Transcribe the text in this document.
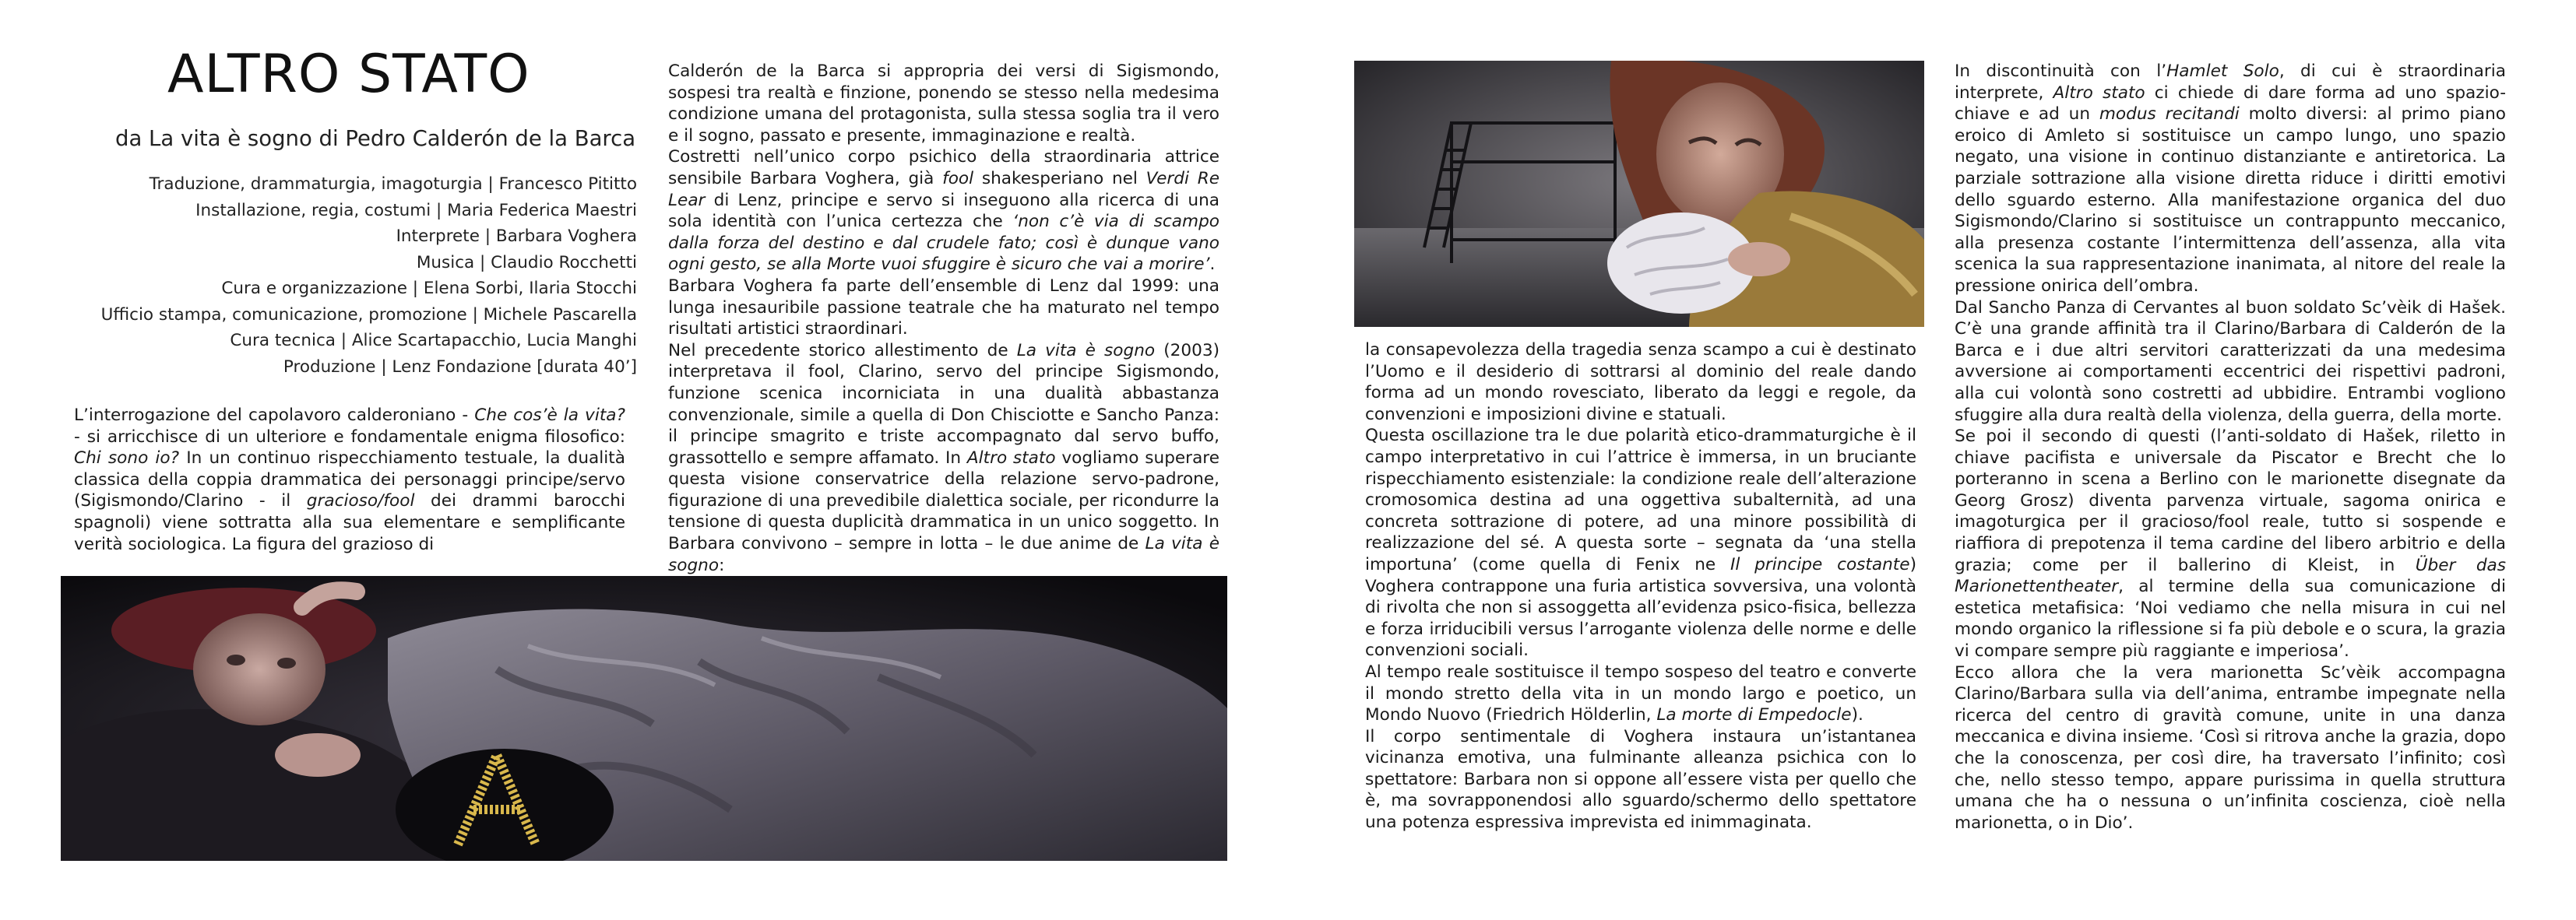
ALTRO STATO
da La vita è sogno di Pedro Calderón de la Barca
Traduzione, drammaturgia, imagoturgia | Francesco Pititto
Installazione, regia, costumi | Maria Federica Maestri
Interprete | Barbara Voghera
Musica | Claudio Rocchetti
Cura e organizzazione | Elena Sorbi, Ilaria Stocchi
Ufficio stampa, comunicazione, promozione | Michele Pascarella
Cura tecnica | Alice Scartapacchio, Lucia Manghi
Produzione | Lenz Fondazione [durata 40’]

L’interrogazione del capolavoro calderoniano - Che cos’è la vita? - si arricchisce di un ulteriore e fondamentale enigma filosofico: Chi sono io? In un continuo rispecchiamento testuale, la dualità classica della coppia drammatica dei personaggi principe/servo (Sigismondo/Clarino - il gracioso/fool dei drammi barocchi spagnoli) viene sottratta alla sua elementare e semplificante verità sociologica. La figura del grazioso di

Calderón de la Barca si appropria dei versi di Sigismondo, sospesi tra realtà e finzione, ponendo se stesso nella medesima condizione umana del protagonista, sulla stessa soglia tra il vero e il sogno, passato e presente, immaginazione e realtà.

Costretti nell’unico corpo psichico della straordinaria attrice sensibile Barbara Voghera, già fool shakesperiano nel Verdi Re Lear di Lenz, principe e servo si inseguono alla ricerca di una sola identità con l’unica certezza che ‘non c’è via di scampo dalla forza del destino e dal crudele fato; così è dunque vano ogni gesto, se alla Morte vuoi sfuggire è sicuro che vai a morire’.

Barbara Voghera fa parte dell’ensemble di Lenz dal 1999: una lunga inesauribile passione teatrale che ha maturato nel tempo risultati artistici straordinari.

Nel precedente storico allestimento de La vita è sogno (2003) interpretava il fool, Clarino, servo del principe Sigismondo, funzione scenica incorniciata in una dualità abbastanza convenzionale, simile a quella di Don Chisciotte e Sancho Panza: il principe smagrito e triste accompagnato dal servo buffo, grassottello e sempre affamato. In Altro stato vogliamo superare questa visione conservatrice della relazione servo-padrone, figurazione di una prevedibile dialettica sociale, per ricondurre la tensione di questa duplicità drammatica in un unico soggetto. In Barbara convivono – sempre in lotta – le due anime de La vita è sogno:

la consapevolezza della tragedia senza scampo a cui è destinato l’Uomo e il desiderio di sottrarsi al dominio del reale dando forma ad un mondo rovesciato, liberato da leggi e regole, da convenzioni e imposizioni divine e statuali.

Questa oscillazione tra le due polarità etico-drammaturgiche è il campo interpretativo in cui l’attrice è immersa, in un bruciante rispecchiamento esistenziale: la condizione reale dell’alterazione cromosomica destina ad una oggettiva subalternità, ad una concreta sottrazione di potere, ad una minore possibilità di realizzazione del sé. A questa sorte – segnata da ‘una stella importuna’ (come quella di Fenix ne Il principe costante) Voghera contrappone una furia artistica sovversiva, una volontà di rivolta che non si assoggetta all’evidenza psico-fisica, bellezza e forza irriducibili versus l’arrogante violenza delle norme e delle convenzioni sociali.

Al tempo reale sostituisce il tempo sospeso del teatro e converte il mondo stretto della vita in un mondo largo e poetico, un Mondo Nuovo (Friedrich Hölderlin, La morte di Empedocle).

Il corpo sentimentale di Voghera instaura un’istantanea vicinanza emotiva, una fulminante alleanza psichica con lo spettatore: Barbara non si oppone all’essere vista per quello che è, ma sovrapponendosi allo sguardo/schermo dello spettatore una potenza espressiva imprevista ed inimmaginata.

In discontinuità con l’Hamlet Solo, di cui è straordinaria interprete, Altro stato ci chiede di dare forma ad uno spazio-chiave e ad un modus recitandi molto diversi: al primo piano eroico di Amleto si sostituisce un campo lungo, uno spazio negato, una visione in continuo distanziante e antiretorica. La parziale sottrazione alla visione diretta riduce i diritti emotivi dello sguardo esterno. Alla manifestazione organica del duo Sigismondo/Clarino si sostituisce un contrappunto meccanico, alla presenza costante l’intermittenza dell’assenza, alla vita scenica la sua rappresentazione inanimata, al nitore del reale la pressione onirica dell’ombra.

Dal Sancho Panza di Cervantes al buon soldato Sc’vèik di Hašek. C’è una grande affinità tra il Clarino/Barbara di Calderón de la Barca e i due altri servitori caratterizzati da una medesima avversione ai comportamenti eccentrici dei rispettivi padroni, alla cui volontà sono costretti ad ubbidire. Entrambi vogliono sfuggire alla dura realtà della violenza, della guerra, della morte.

Se poi il secondo di questi (l’anti-soldato di Hašek, riletto in chiave pacifista e universale da Piscator e Brecht che lo porteranno in scena a Berlino con le marionette disegnate da Georg Grosz) diventa parvenza virtuale, sagoma onirica e imagoturgica per il gracioso/fool reale, tutto si sospende e riaffiora di prepotenza il tema cardine del libero arbitrio e della grazia; come per il ballerino di Kleist, in Über das Marionettentheater, al termine della sua comunicazione di estetica metafisica: ‘Noi vediamo che nella misura in cui nel mondo organico la riflessione si fa più debole e o scura, la grazia vi compare sempre più raggiante e imperiosa’.

Ecco allora che la vera marionetta Sc’vèik accompagna Clarino/Barbara sulla via dell’anima, entrambe impegnate nella ricerca del centro di gravità comune, unite in una danza meccanica e divina insieme. ‘Così si ritrova anche la grazia, dopo che la conoscenza, per così dire, ha traversato l’infinito; così che, nello stesso tempo, appare purissima in quella struttura umana che ha o nessuna o un’infinita coscienza, cioè nella marionetta, o in Dio’.
